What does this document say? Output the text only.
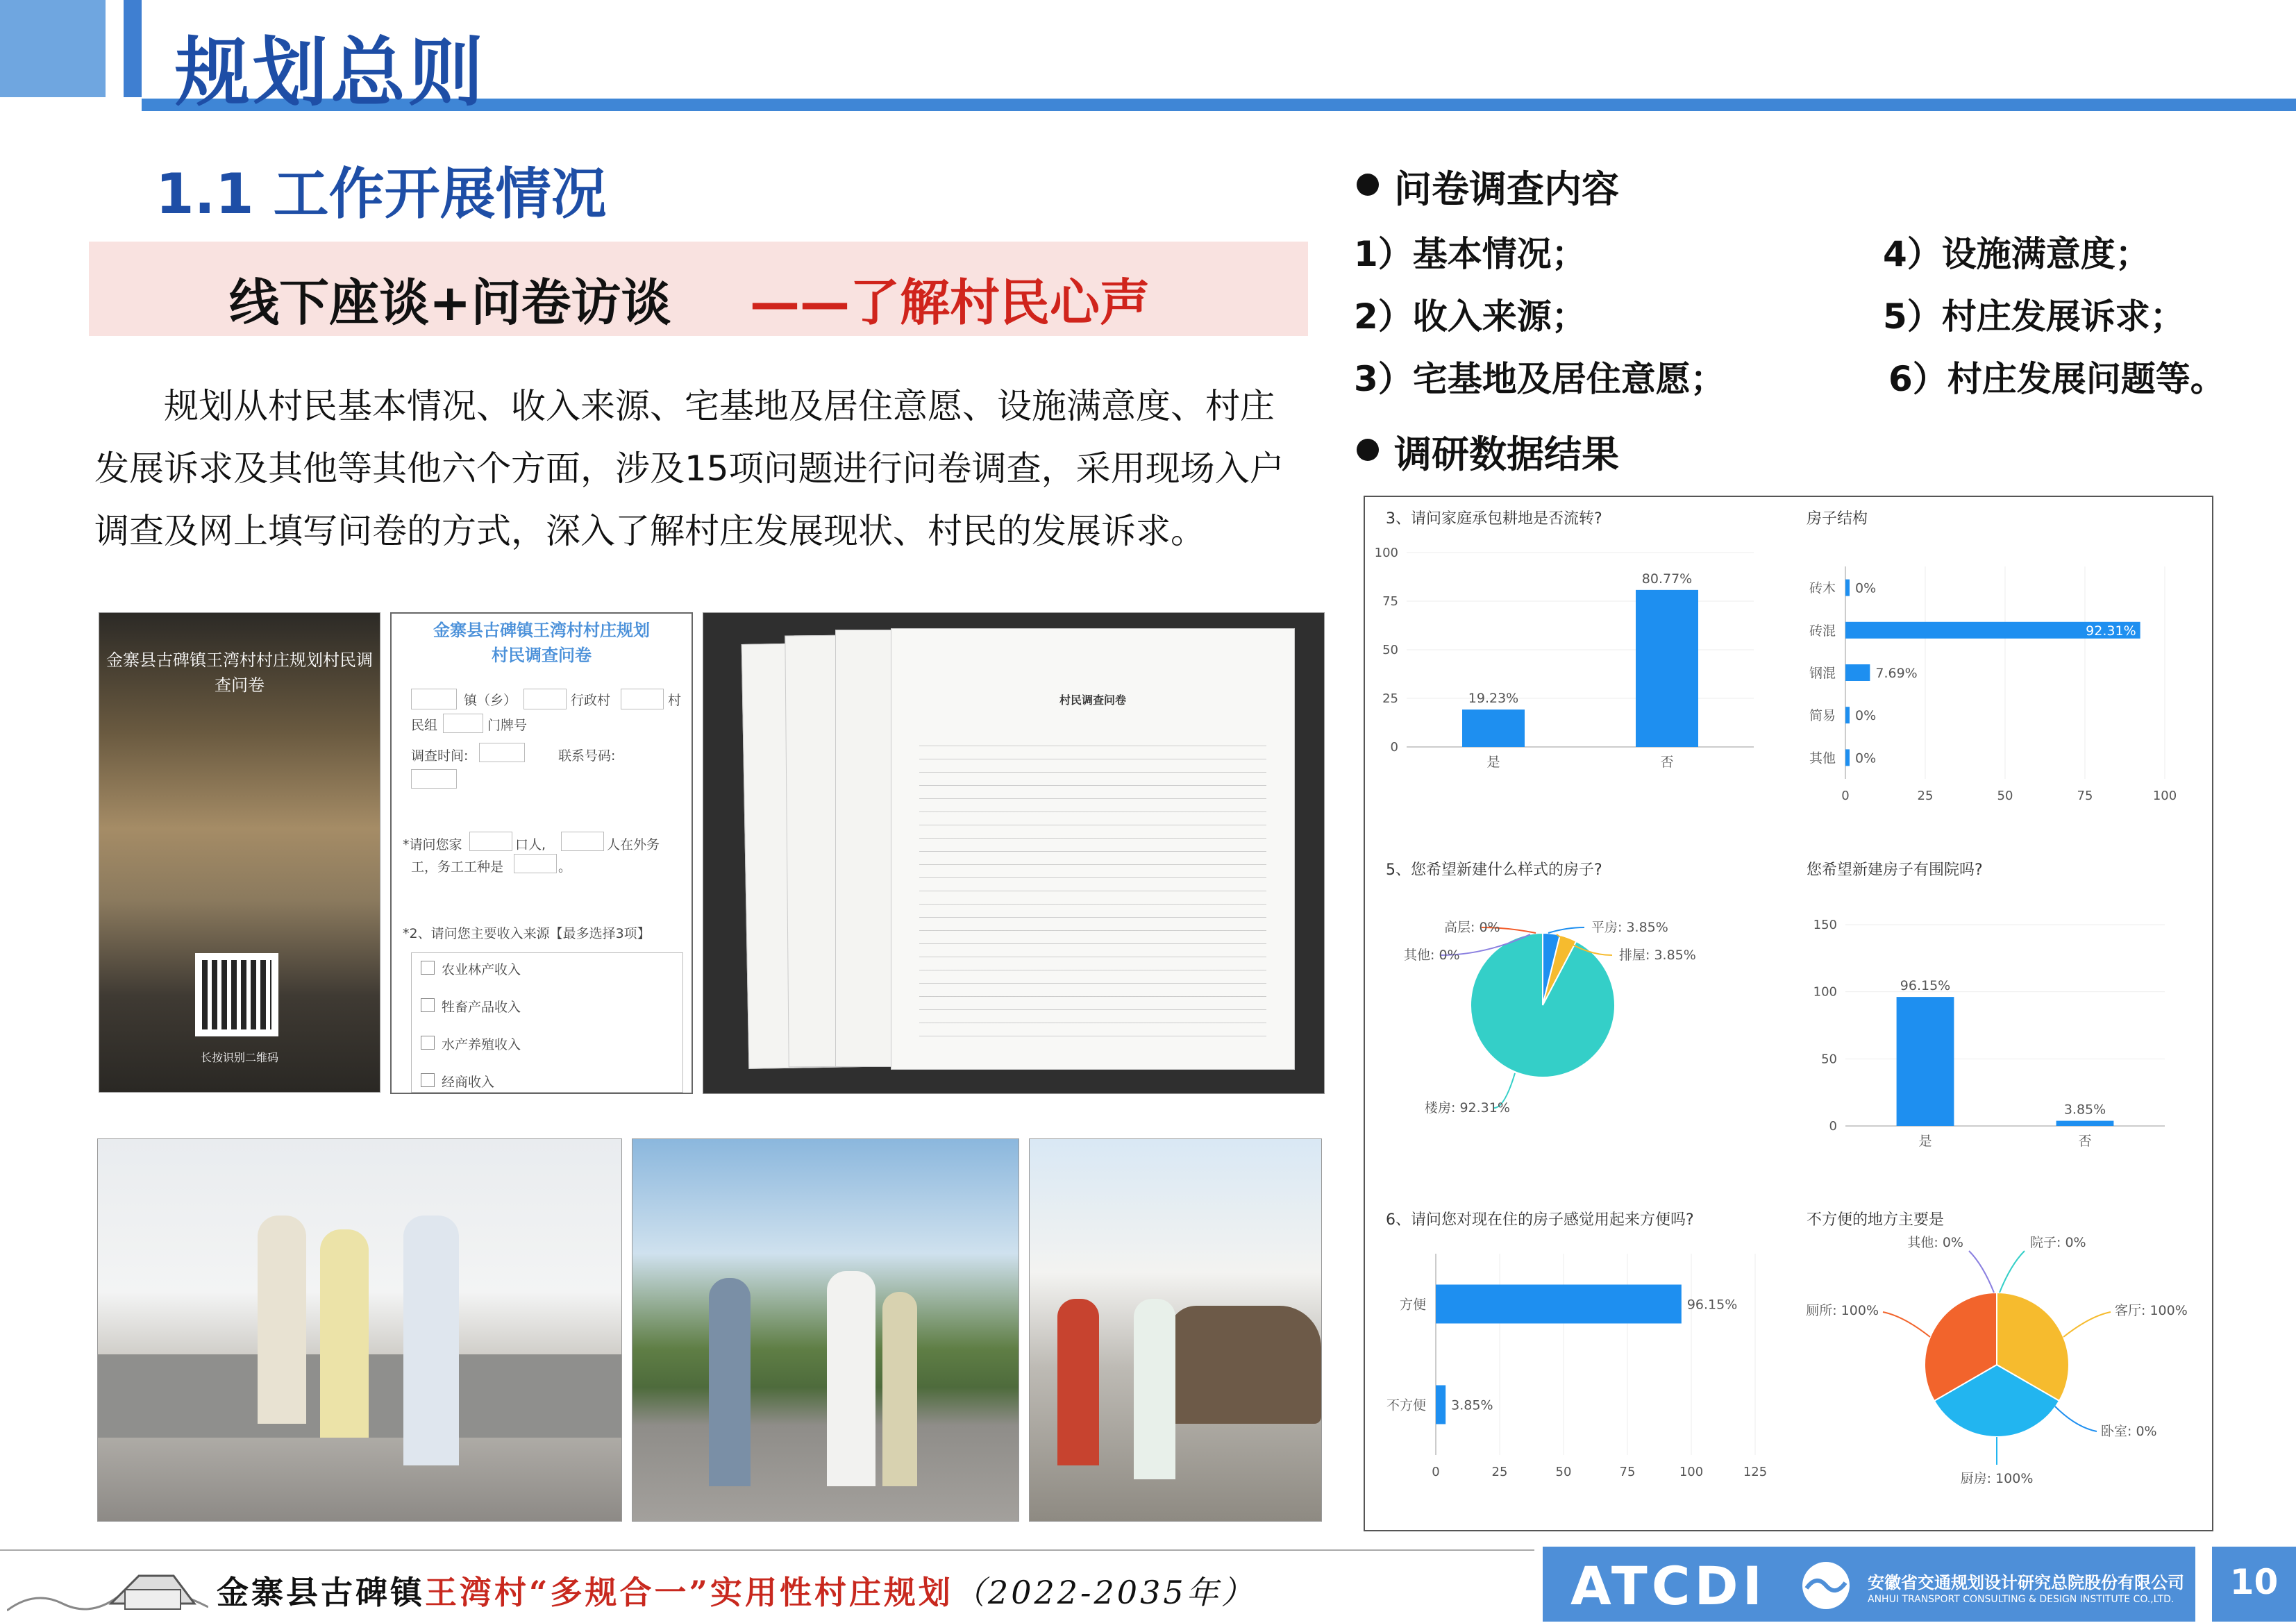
规划总则
1.1 工作开展情况
线下座谈+问卷访谈 ——了解村民心声
规划从村民基本情况、收入来源、宅基地及居住意愿、设施满意度、村庄发展诉求及其他等其他六个方面，涉及15项问题进行问卷调查，采用现场入户调查及网上填写问卷的方式，深入了解村庄发展现状、村民的发展诉求。
金寨县古碑镇王湾村村庄规划村民调查问卷
长按识别二维码
金寨县古碑镇王湾村村庄规划村民调查问卷
镇（乡）	行政村	村
民组	门牌号
调查时间:	联系号码:
*请问您家	口人,	人在外务
工，务工工种是	。
*2、请问您主要收入来源【最多选择3项】
农业林产收入
牲畜产品收入
水产养殖收入
经商收入
村民调查问卷
问卷调查内容
1）基本情况；	4）设施满意度；
2）收入来源；	5）村庄发展诉求；
3）宅基地及居住意愿；	6）村庄发展问题等。
调研数据结果
3、请问家庭承包耕地是否流转?
0
25
50
75
100
19.23%
是
80.77%
否
房子结构
0	25	50	75	100
0%
砖木
92.31%
砖混
7.69%
钢混
0%
简易
0%
其他
5、您希望新建什么样式的房子?
高层: 0%	平房: 3.85%
排屋: 3.85%
其他: 0%
楼房: 92.31%
您希望新建房子有围院吗?
0
50
100
150
96.15%
是
3.85%
否
6、请问您对现在住的房子感觉用起来方便吗?
0	25	50	75	100	125
96.15%
方便
3.85%
不方便
不方便的地方主要是
其他: 0%	院子: 0%
客厅: 100%
卧室: 0%
厨房: 100%
厕所: 100%
金寨县古碑镇王湾村“多规合一”实用性村庄规划（2022-2035年）	ATCDI	安徽省交通规划设计研究总院股份有限公司
ANHUI TRANSPORT CONSULTING & DESIGN INSTITUTE CO.,LTD.	10
